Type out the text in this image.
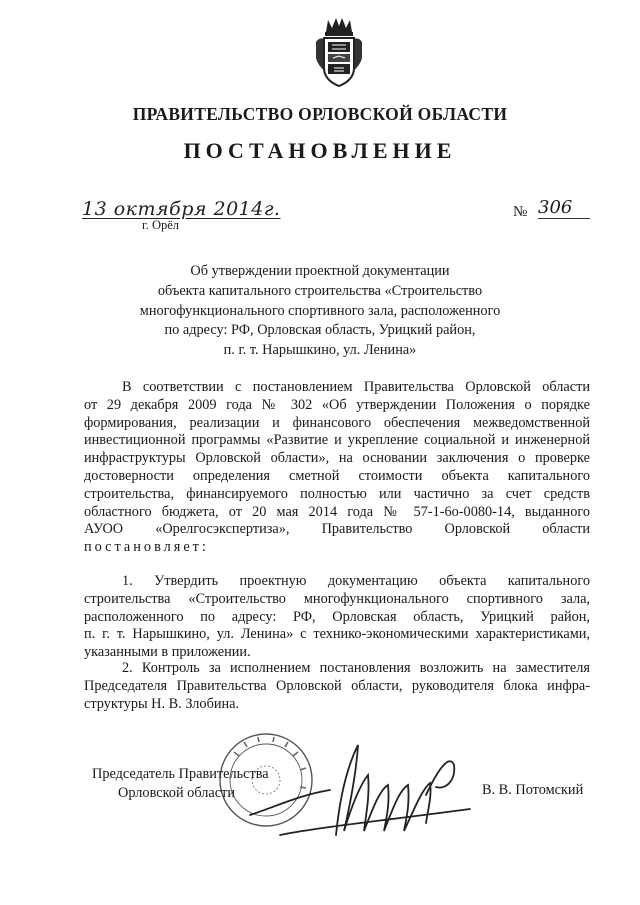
ПРАВИТЕЛЬСТВО ОРЛОВСКОЙ ОБЛАСТИ
ПОСТАНОВЛЕНИЕ
13 октября 2014г.
г. Орёл
№ 306
Об утверждении проектной документации
объекта капитального строительства «Строительство
многофункционального спортивного зала, расположенного
по адресу: РФ, Орловская область, Урицкий район,
п. г. т. Нарышкино, ул. Ленина»
В соответствии с постановлением Правительства Орловской области
от 29 декабря 2009 года № 302 «Об утверждении Положения о порядке
формирования, реализации и финансового обеспечения межведомственной
инвестиционной программы «Развитие и укрепление социальной и инженерной
инфраструктуры Орловской области», на основании заключения о проверке
достоверности определения сметной стоимости объекта капитального
строительства, финансируемого полностью или частично за счет средств
областного бюджета, от 20 мая 2014 года № 57-1-6о-0080-14, выданного
АУОО «Орелгосэкспертиза», Правительство Орловской области
постановляет:
1. Утвердить проектную документацию объекта капитального
строительства «Строительство многофункционального спортивного зала,
расположенного по адресу: РФ, Орловская область, Урицкий район,
п. г. т. Нарышкино, ул. Ленина» с технико-экономическими характеристиками,
указанными в приложении.
2. Контроль за исполнением постановления возложить на заместителя
Председателя Правительства Орловской области, руководителя блока инфра-
структуры Н. В. Злобина.
Председатель Правительства
Орловской области	В. В. Потомский
